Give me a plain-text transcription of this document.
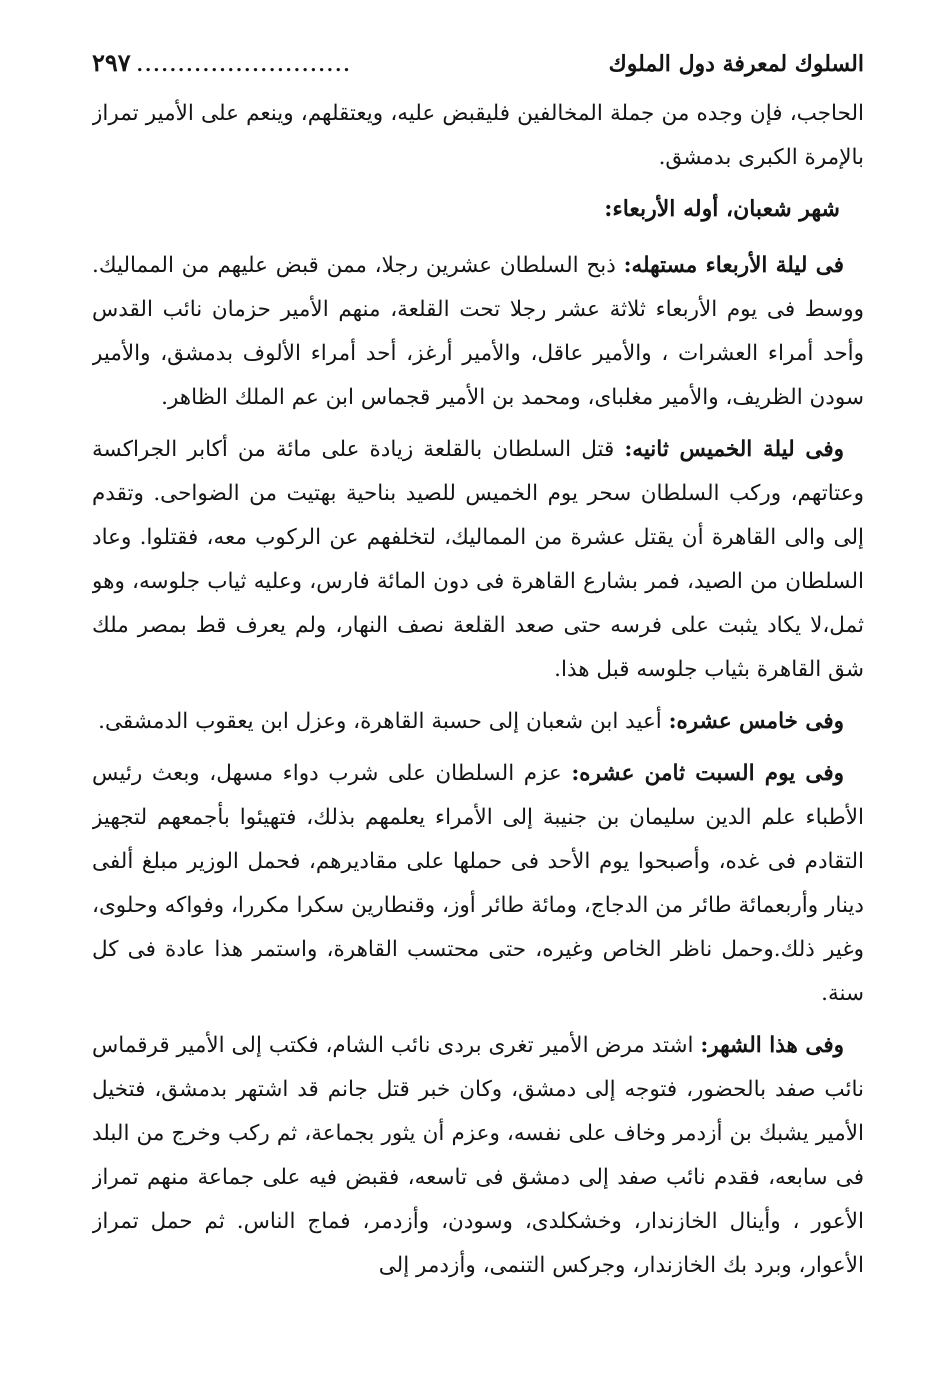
السلوك لمعرفة دول الملوك
..........................
٢٩٧

الحاجب، فإن وجده من جملة المخالفين فليقبض عليه، ويعتقلهم، وينعم على الأمير تمراز بالإمرة الكبرى بدمشق.

شهر شعبان، أوله الأربعاء:

فى ليلة الأربعاء مستهله: ذبح السلطان عشرين رجلا، ممن قبض عليهم من المماليك. ووسط فى يوم الأربعاء ثلاثة عشر رجلا تحت القلعة، منهم الأمير حزمان نائب القدس وأحد أمراء العشرات ، والأمير عاقل، والأمير أرغز، أحد أمراء الألوف بدمشق، والأمير سودن الظريف، والأمير مغلباى، ومحمد بن الأمير قجماس ابن عم الملك الظاهر.

وفى ليلة الخميس ثانيه: قتل السلطان بالقلعة زيادة على مائة من أكابر الجراكسة وعتاتهم، وركب السلطان سحر يوم الخميس للصيد بناحية بهتيت من الضواحى. وتقدم إلى والى القاهرة أن يقتل عشرة من المماليك، لتخلفهم عن الركوب معه، فقتلوا. وعاد السلطان من الصيد، فمر بشارع القاهرة فى دون المائة فارس، وعليه ثياب جلوسه، وهو ثمل،لا يكاد يثبت على فرسه حتى صعد القلعة نصف النهار، ولم يعرف قط بمصر ملك شق القاهرة بثياب جلوسه قبل هذا.

وفى خامس عشره: أعيد ابن شعبان إلى حسبة القاهرة، وعزل ابن يعقوب الدمشقى.

وفى يوم السبت ثامن عشره: عزم السلطان على شرب دواء مسهل، وبعث رئيس الأطباء علم الدين سليمان بن جنيبة إلى الأمراء يعلمهم بذلك، فتهيئوا بأجمعهم لتجهيز التقادم فى غده، وأصبحوا يوم الأحد فى حملها على مقاديرهم، فحمل الوزير مبلغ ألفى دينار وأربعمائة طائر من الدجاج، ومائة طائر أوز، وقنطارين سكرا مكررا، وفواكه وحلوى، وغير ذلك.وحمل ناظر الخاص وغيره، حتى محتسب القاهرة، واستمر هذا عادة فى كل سنة.

وفى هذا الشهر: اشتد مرض الأمير تغرى بردى نائب الشام، فكتب إلى الأمير قرقماس نائب صفد بالحضور، فتوجه إلى دمشق، وكان خبر قتل جانم قد اشتهر بدمشق، فتخيل الأمير يشبك بن أزدمر وخاف على نفسه، وعزم أن يثور بجماعة، ثم ركب وخرج من البلد فى سابعه، فقدم نائب صفد إلى دمشق فى تاسعه، فقبض فيه على جماعة منهم تمراز الأعور ، وأينال الخازندار، وخشكلدى، وسودن، وأزدمر، فماج الناس. ثم حمل تمراز الأعوار، وبرد بك الخازندار، وجركس التنمى، وأزدمر إلى
